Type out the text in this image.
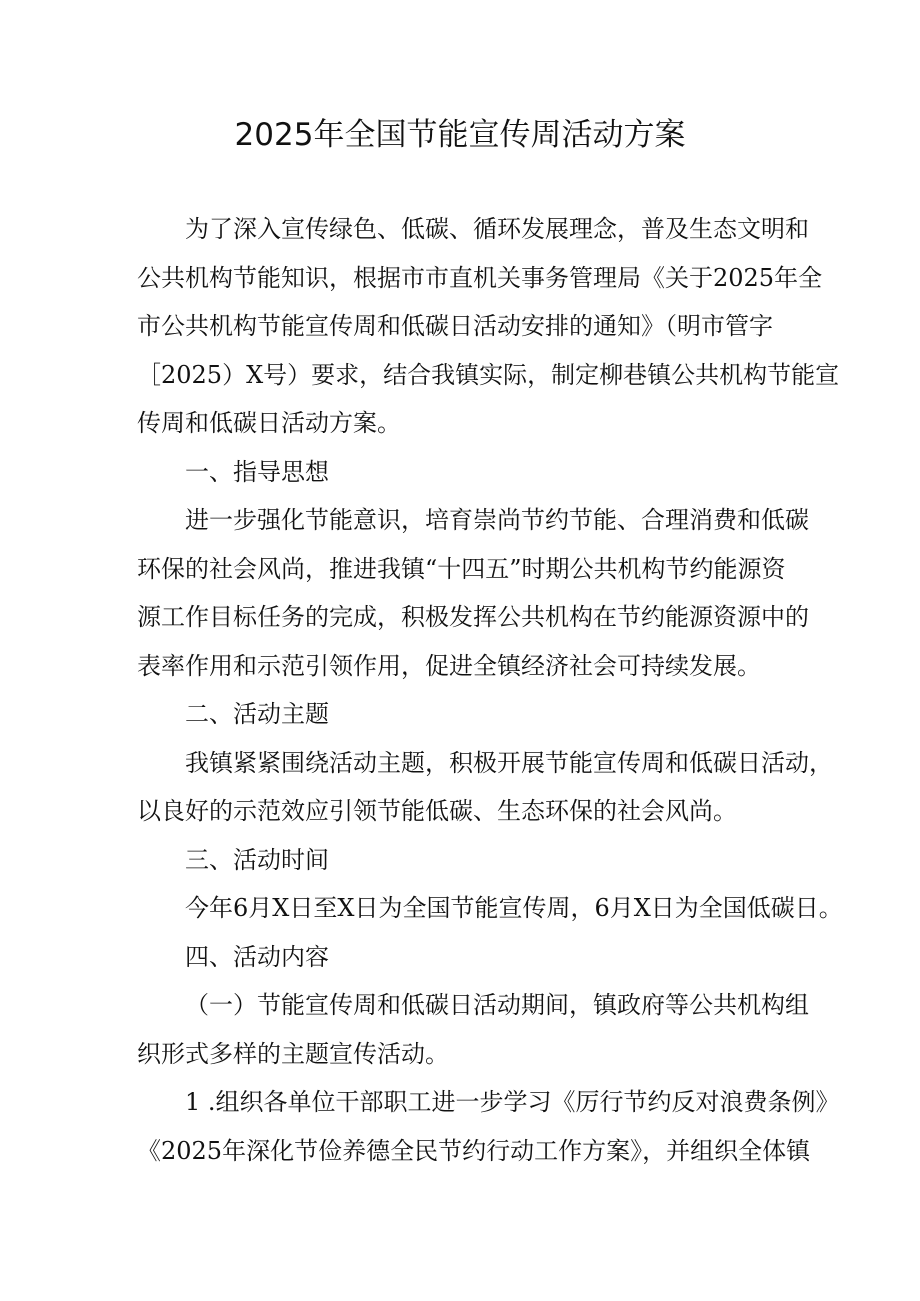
2025年全国节能宣传周活动方案
为了深入宣传绿色、低碳、循环发展理念，普及生态文明和
公共机构节能知识，根据市市直机关事务管理局《关于2025年全
市公共机构节能宣传周和低碳日活动安排的通知》（明市管字
［2025）X号）要求，结合我镇实际，制定柳巷镇公共机构节能宣
传周和低碳日活动方案。
一、指导思想
进一步强化节能意识，培育崇尚节约节能、合理消费和低碳
环保的社会风尚，推进我镇“十四五”时期公共机构节约能源资
源工作目标任务的完成，积极发挥公共机构在节约能源资源中的
表率作用和示范引领作用，促进全镇经济社会可持续发展。
二、活动主题
我镇紧紧围绕活动主题，积极开展节能宣传周和低碳日活动，
以良好的示范效应引领节能低碳、生态环保的社会风尚。
三、活动时间
今年6月X日至X日为全国节能宣传周，6月X日为全国低碳日。
四、活动内容
（一）节能宣传周和低碳日活动期间，镇政府等公共机构组
织形式多样的主题宣传活动。
1 .组织各单位干部职工进一步学习《厉行节约反对浪费条例》
《2025年深化节俭养德全民节约行动工作方案》，并组织全体镇
